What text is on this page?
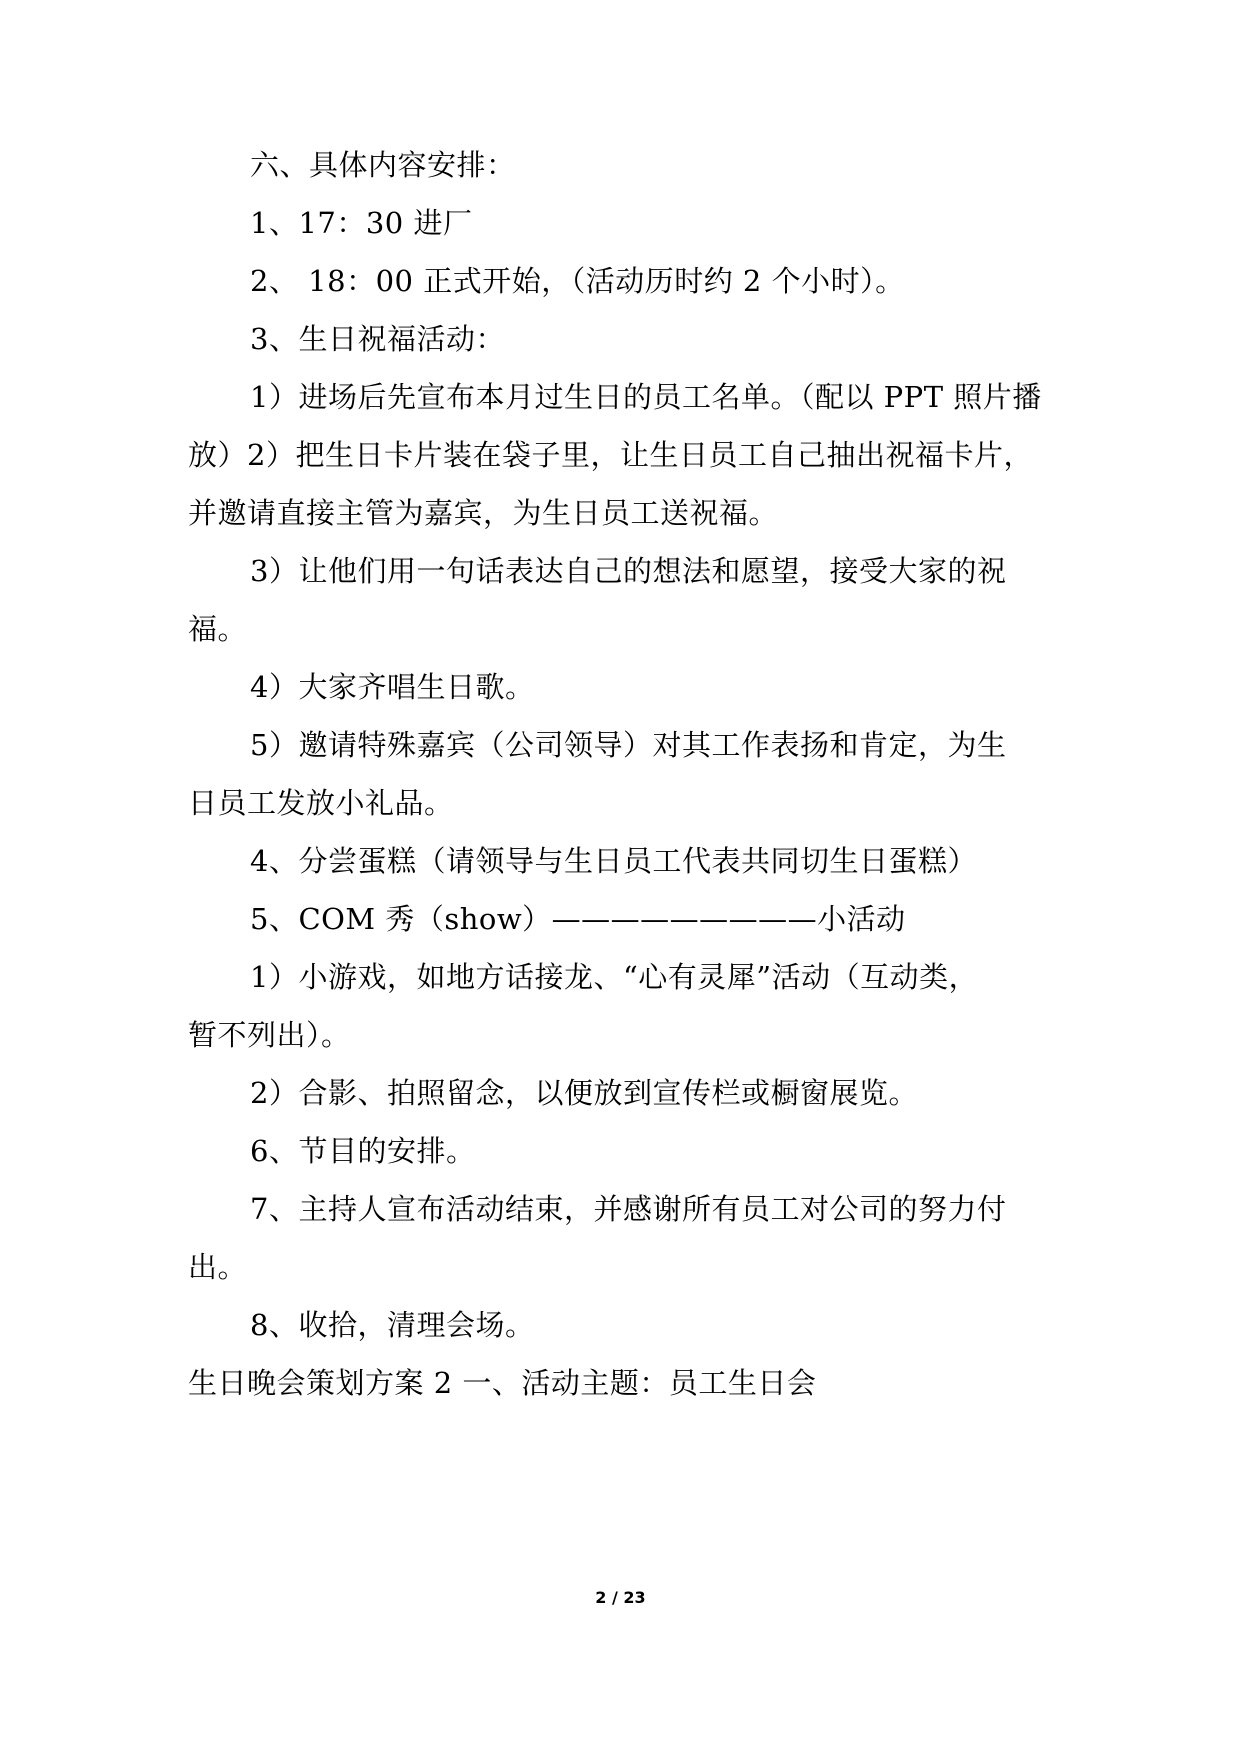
六、具体内容安排：
1、17：30 进厂
2、 18：00 正式开始，（活动历时约 2 个小时）。
3、生日祝福活动：
1）进场后先宣布本月过生日的员工名单。（配以 PPT 照片播
放）2）把生日卡片装在袋子里，让生日员工自己抽出祝福卡片，
并邀请直接主管为嘉宾，为生日员工送祝福。
3）让他们用一句话表达自己的想法和愿望，接受大家的祝
福。
4）大家齐唱生日歌。
5）邀请特殊嘉宾（公司领导）对其工作表扬和肯定，为生
日员工发放小礼品。
4、分尝蛋糕（请领导与生日员工代表共同切生日蛋糕）
5、COM 秀（show）—————————小活动
1）小游戏，如地方话接龙、“心有灵犀”活动（互动类，
暂不列出）。
2）合影、拍照留念，以便放到宣传栏或橱窗展览。
6、节目的安排。
7、主持人宣布活动结束，并感谢所有员工对公司的努力付
出。
8、收拾，清理会场。
生日晚会策划方案 2 一、活动主题：员工生日会
2 / 23
